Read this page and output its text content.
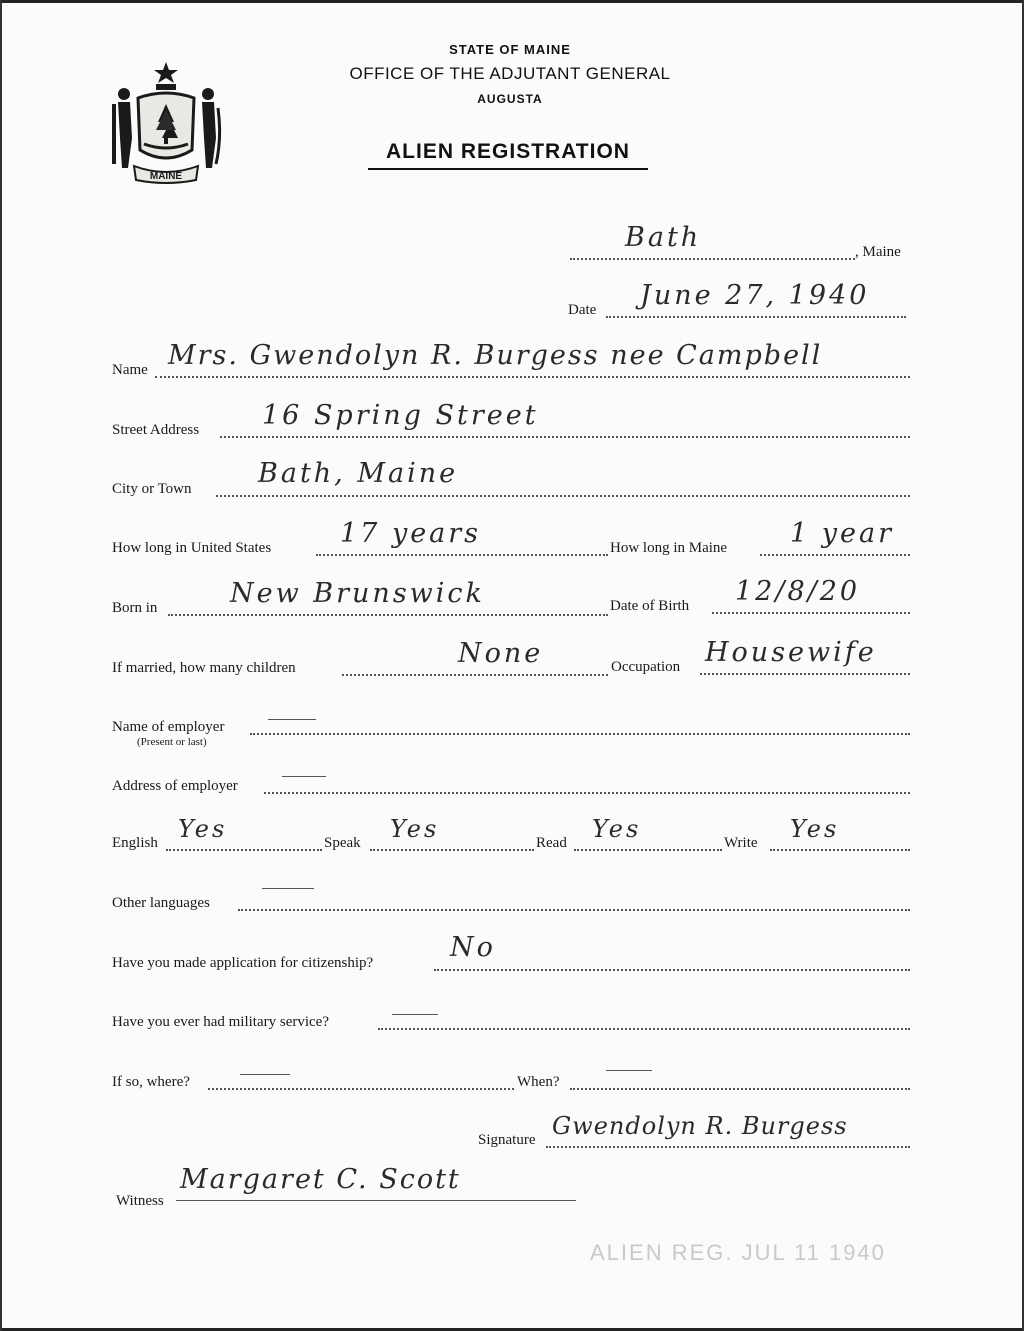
MAINE
STATE OF MAINE
OFFICE OF THE ADJUTANT GENERAL
AUGUSTA
ALIEN REGISTRATION
Bath	, Maine
Date June 27, 1940
Name Mrs. Gwendolyn R. Burgess nee Campbell
Street Address 16 Spring Street
City or Town Bath, Maine
How long in United States	17 years	How long in Maine 1 year
Born in	New Brunswick	Date of Birth 12/8/20
If married, how many children	None	Occupation Housewife
Name of employer
(Present or last)
Address of employer
English Yes	Speak Yes	Read Yes	Write Yes
Other languages
Have you made application for citizenship?	No
Have you ever had military service?
If so, where?	When?
Signature Gwendolyn R. Burgess
Witness
Margaret C. Scott
ALIEN REG. JUL 11 1940
